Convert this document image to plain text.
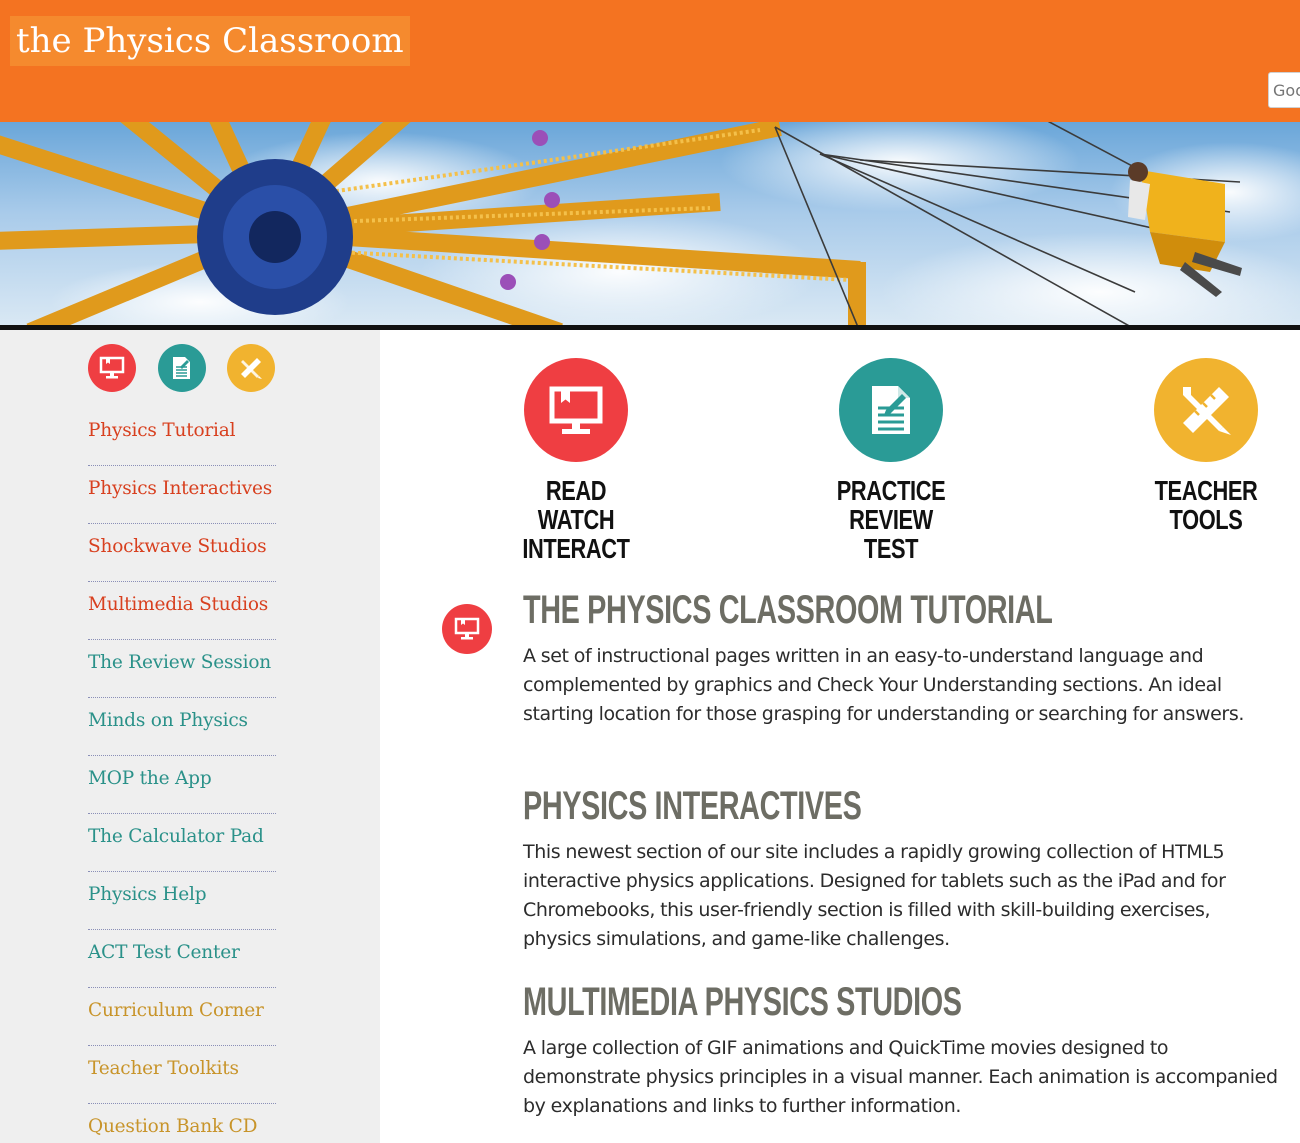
the Physics Classroom
Goo
Physics Tutorial
Physics Interactives
Shockwave Studios
Multimedia Studios
The Review Session
Minds on Physics
MOP the App
The Calculator Pad
Physics Help
ACT Test Center
Curriculum Corner
Teacher Toolkits
Question Bank CD
READ
WATCH
INTERACT
PRACTICE
REVIEW
TEST
TEACHER
TOOLS
THE PHYSICS CLASSROOM TUTORIAL

A set of instructional pages written in an easy-to-understand language and complemented by graphics and Check Your Understanding sections. An ideal starting location for those grasping for understanding or searching for answers.

PHYSICS INTERACTIVES

This newest section of our site includes a rapidly growing collection of HTML5 interactive physics applications. Designed for tablets such as the iPad and for Chromebooks, this user-friendly section is filled with skill-building exercises, physics simulations, and game-like challenges.

MULTIMEDIA PHYSICS STUDIOS

A large collection of GIF animations and QuickTime movies designed to demonstrate physics principles in a visual manner. Each animation is accompanied by explanations and links to further information.
